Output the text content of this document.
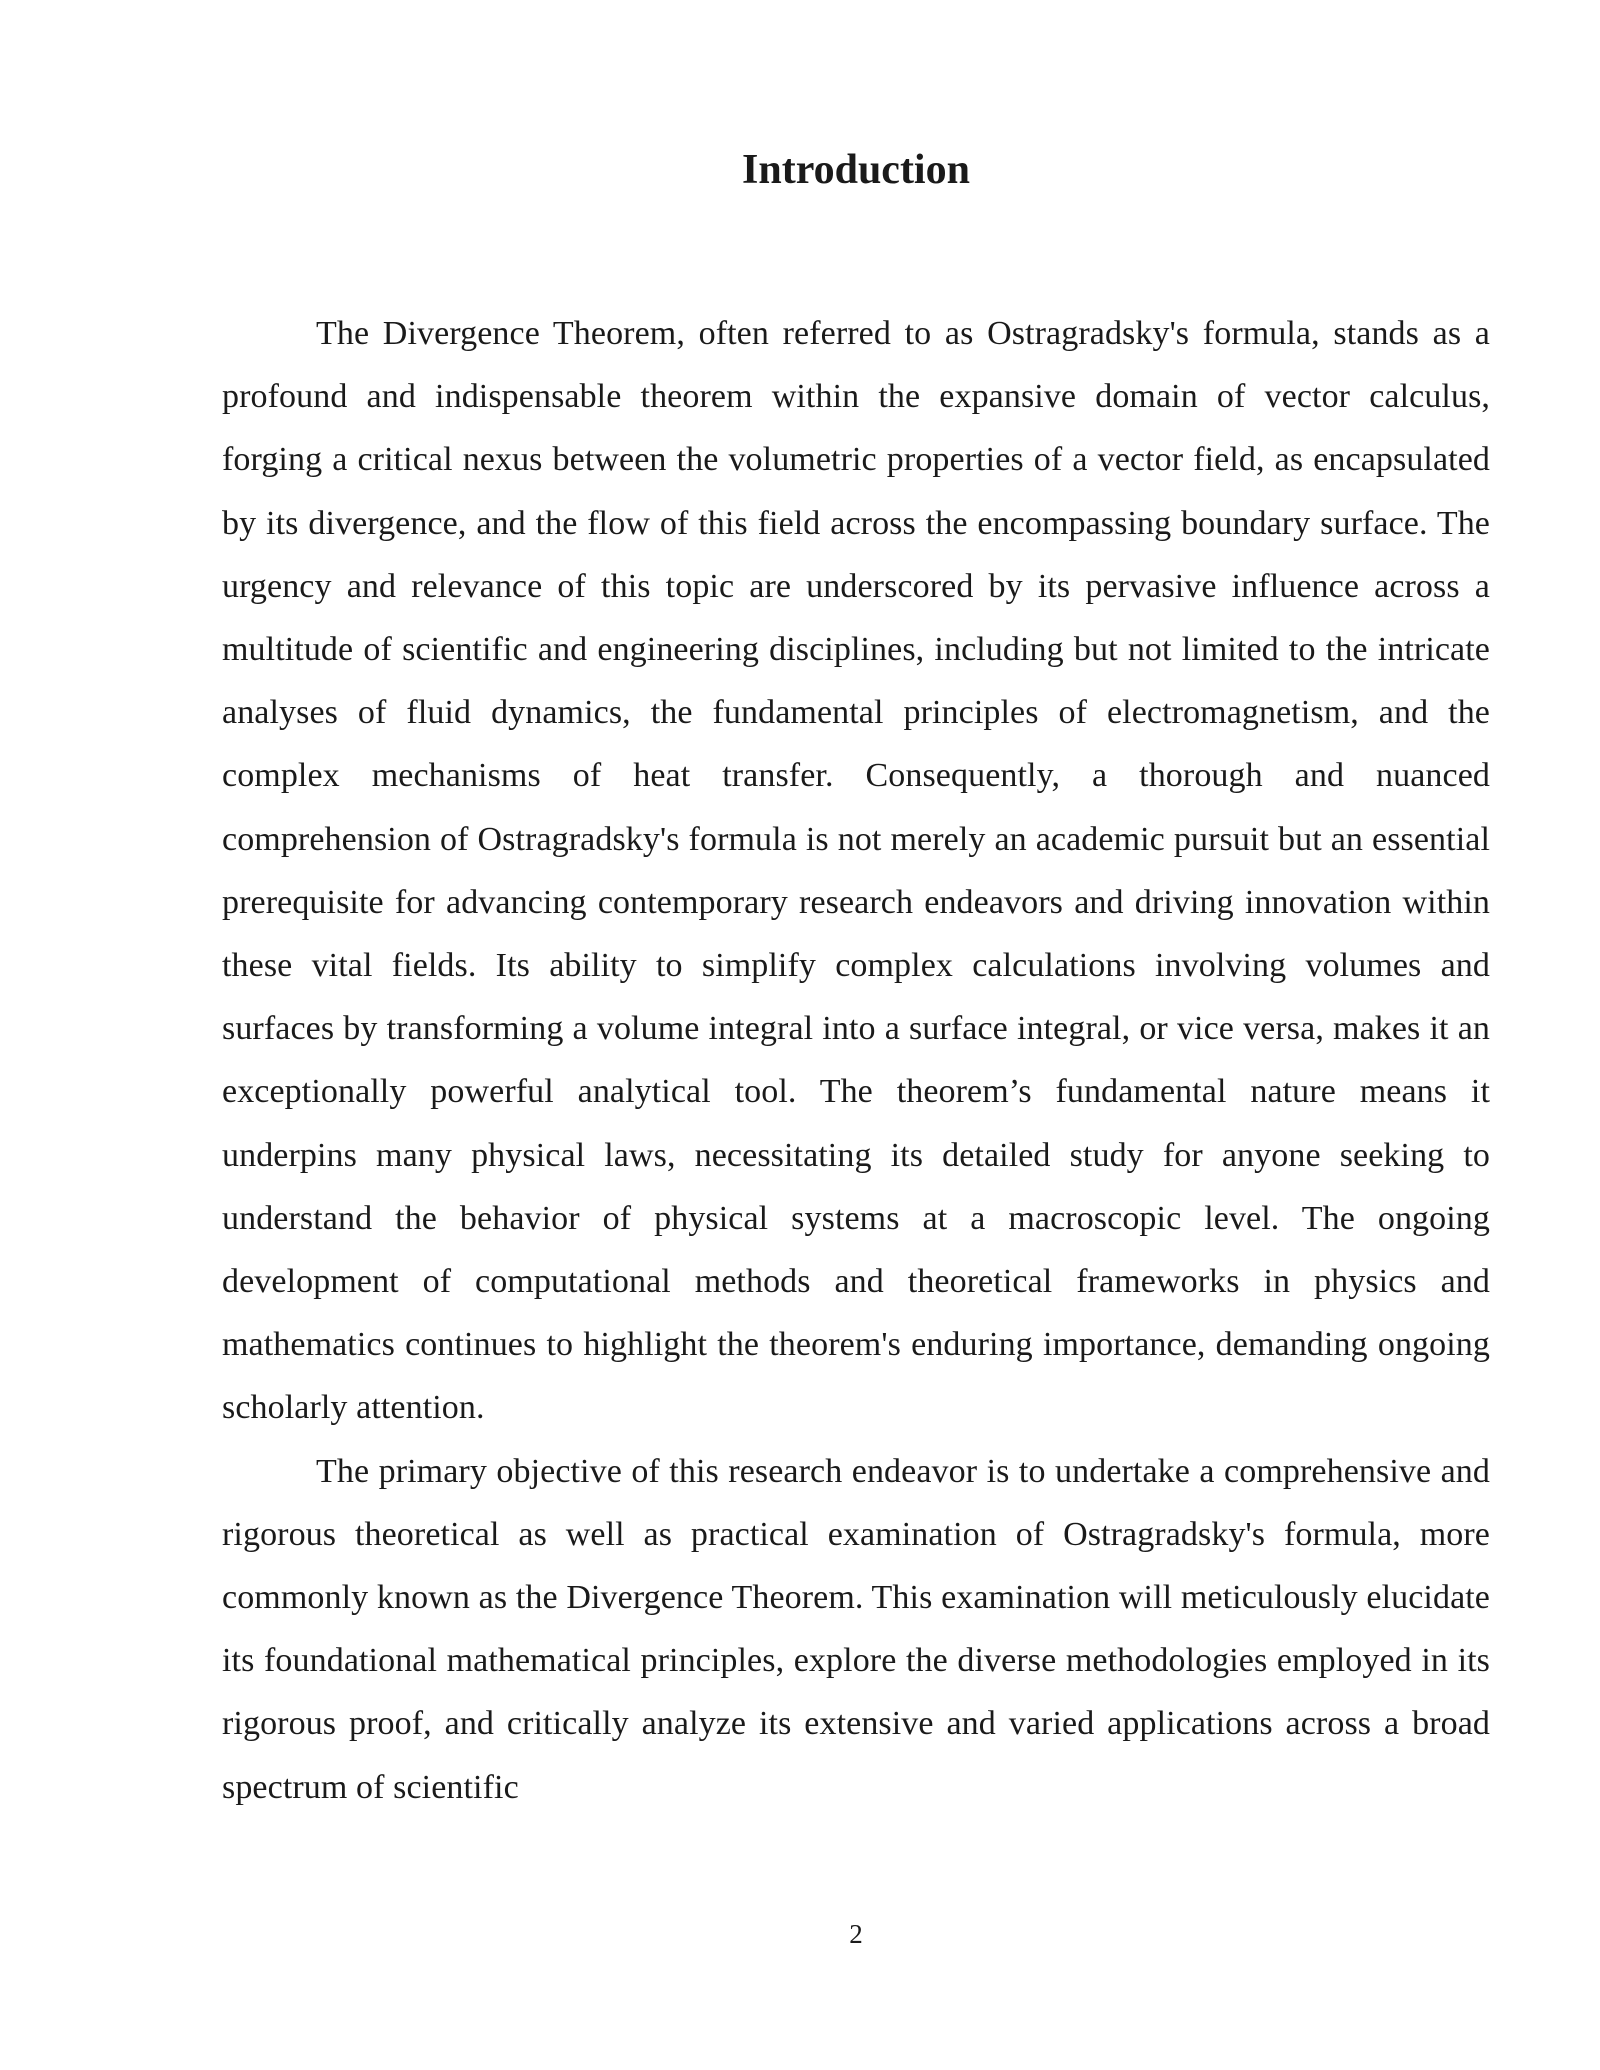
Introduction

The Divergence Theorem, often referred to as Ostragradsky's formula, stands as a profound and indispensable theorem within the expansive domain of vector calculus, forging a critical nexus between the volumetric properties of a vector field, as encapsulated by its divergence, and the flow of this field across the encompassing boundary surface. The urgency and relevance of this topic are underscored by its pervasive influence across a multitude of scientific and engineering disciplines, including but not limited to the intricate analyses of fluid dynamics, the fundamental principles of electromagnetism, and the complex mechanisms of heat transfer. Consequently, a thorough and nuanced comprehension of Ostragradsky's formula is not merely an academic pursuit but an essential prerequisite for advancing contemporary research endeavors and driving innovation within these vital fields. Its ability to simplify complex calculations involving volumes and surfaces by transforming a volume integral into a surface integral, or vice versa, makes it an exceptionally powerful analytical tool. The theorem’s fundamental nature means it underpins many physical laws, necessitating its detailed study for anyone seeking to understand the behavior of physical systems at a macroscopic level. The ongoing development of computational methods and theoretical frameworks in physics and mathematics continues to highlight the theorem's enduring importance, demanding ongoing scholarly attention.

The primary objective of this research endeavor is to undertake a comprehensive and rigorous theoretical as well as practical examination of Ostragradsky's formula, more commonly known as the Divergence Theorem. This examination will meticulously elucidate its foundational mathematical principles, explore the diverse methodologies employed in its rigorous proof, and critically analyze its extensive and varied applications across a broad spectrum of scientific

2
